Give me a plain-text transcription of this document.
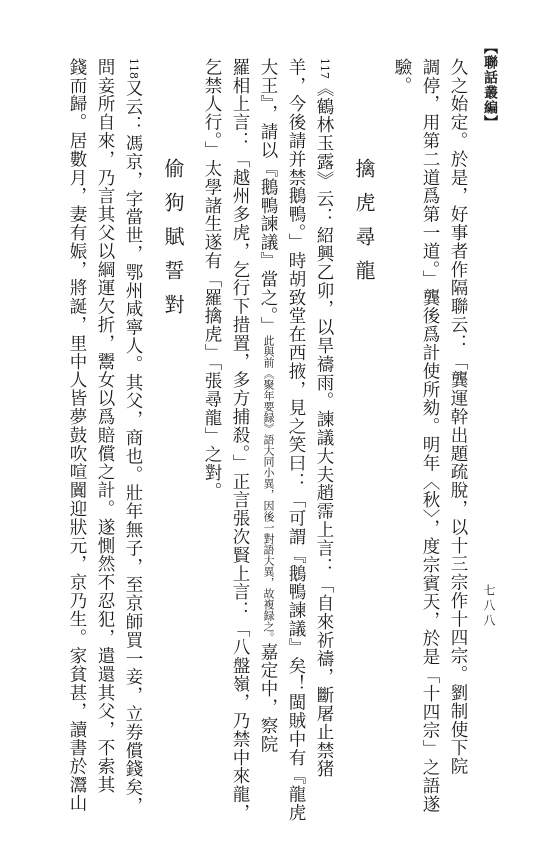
【聯話叢編】
七八八
久之始定。於是，好事者作隔聯云：「龔運幹出題疏脫，以十三宗作十四宗。劉制使下院
調停，用第二道爲第一道。」龔後爲計使所劾。明年〈秋〉，度宗賓天，於是「十四宗」之語遂
驗。
擒虎尋龍
117《鶴林玉露》云：紹興乙卯，以旱禱雨。諫議大夫趙霈上言：「自來祈禱，斷屠止禁猪
羊，今後請并禁鵝鴨。」時胡致堂在西掖，見之笑曰：「可謂『鵝鴨諫議』矣！閩賊中有『龍虎
大王』，請以『鵝鴨諫議』當之。」此與前《聚年要録》語大同小異，因後一對語大異，故複録之。嘉定中，察院
羅相上言：「越州多虎，乞行下措置，多方捕殺。」正言張次賢上言：「八盤嶺，乃禁中來龍，
乞禁人行。」太學諸生遂有「羅擒虎」「張尋龍」之對。
偷狗賦誓對
118又云：馮京，字當世，鄂州咸寧人。其父，商也。壯年無子，至京師買一妾，立券償錢矣，
問妾所自來，乃言其父以綱運欠折，鬻女以爲賠償之計。遂惻然不忍犯，遣還其父，不索其
錢而歸。居數月，妻有娠，將誕，里中人皆夢鼓吹喧闐迎狀元，京乃生。家貧甚，讀書於灊山
